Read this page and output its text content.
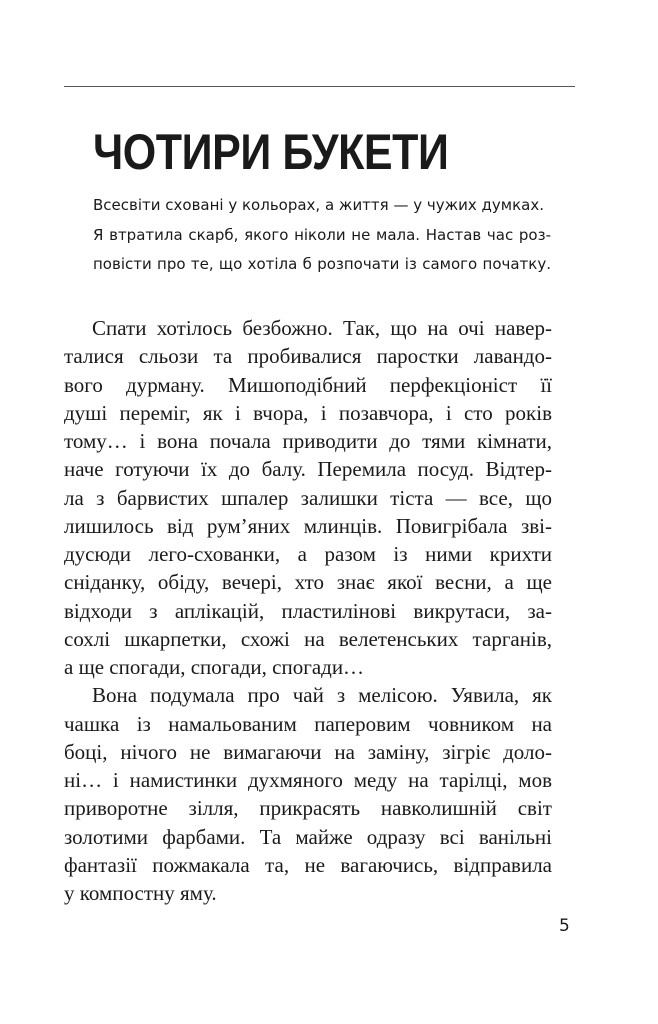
ЧОТИРИ БУКЕТИ
Всесвіти сховані у кольорах, а життя — у чужих думках.
Я втратила скарб, якого ніколи не мала. Настав час роз-
повісти про те, що хотіла б розпочати із самого початку.
Спати хотілось безбожно. Так, що на очі навер-
талися сльози та пробивалися паростки лавандо-
вого дурману. Мишоподібний перфекціоніст її
душі переміг, як і вчора, і позавчора, і сто років
тому… і вона почала приводити до тями кімнати,
наче готуючи їх до балу. Перемила посуд. Відтер-
ла з барвистих шпалер залишки тіста — все, що
лишилось від рум’яних млинців. Повигрібала зві-
дусюди лего-схованки, а разом із ними крихти
сніданку, обіду, вечері, хто знає якої весни, а ще
відходи з аплікацій, пластилінові викрутаси, за-
сохлі шкарпетки, схожі на велетенських тарганів,
а ще спогади, спогади, спогади…
Вона подумала про чай з мелісою. Уявила, як
чашка із намальованим паперовим човником на
боці, нічого не вимагаючи на заміну, зігріє доло-
ні… і намистинки духмяного меду на тарілці, мов
приворотне зілля, прикрасять навколишній світ
золотими фарбами. Та майже одразу всі ванільні
фантазії пожмакала та, не вагаючись, відправила
у компостну яму.
5
